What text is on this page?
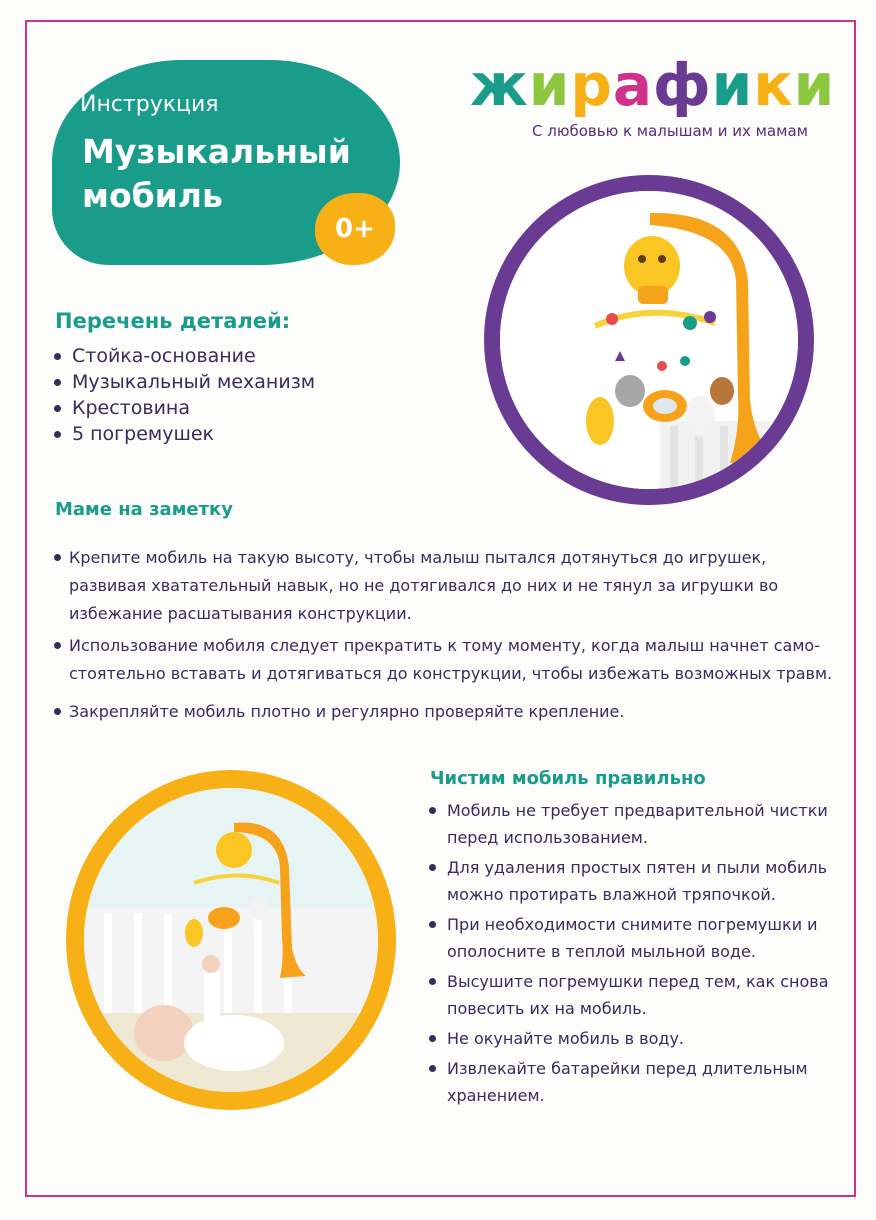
Инструкция
Музыкальный мобиль
0+
жирафики
С любовью к малышам и их мамам
Перечень деталей:
Стойка-основание
Музыкальный механизм
Крестовина
5 погремушек
Маме на заметку
Крепите мобиль на такую высоту, чтобы малыш пытался дотянуться до игрушек, развивая хватательный навык, но не дотягивался до них и не тянул за игрушки во избежание расшатывания конструкции.
Использование мобиля следует прекратить к тому моменту, когда малыш начнет само-стоятельно вставать и дотягиваться до конструкции, чтобы избежать возможных травм.
Закрепляйте мобиль плотно и регулярно проверяйте крепление.
Чистим мобиль правильно
Мобиль не требует предварительной чистки перед использованием.
Для удаления простых пятен и пыли мобиль можно протирать влажной тряпочкой.
При необходимости снимите погремушки и ополосните в теплой мыльной воде.
Высушите погремушки перед тем, как снова повесить их на мобиль.
Не окунайте мобиль в воду.
Извлекайте батарейки перед длительным хранением.
